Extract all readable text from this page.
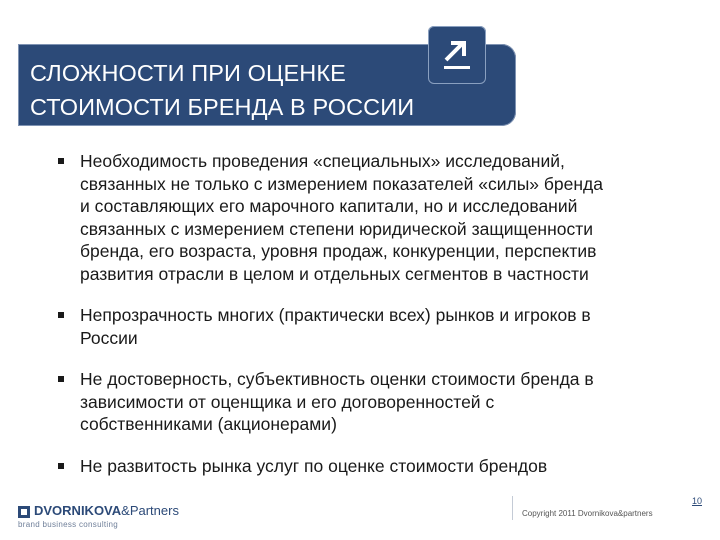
СЛОЖНОСТИ ПРИ ОЦЕНКЕ
СТОИМОСТИ БРЕНДА В РОССИИ
Необходимость проведения «специальных» исследований,
связанных не только с измерением показателей «силы» бренда
и составляющих его марочного капитали, но и исследований
связанных с измерением степени юридической защищенности
бренда, его возраста, уровня продаж, конкуренции, перспектив
развития отрасли в целом и отдельных сегментов в частности
Непрозрачность многих (практически всех) рынков и игроков в
России
Не достоверность, субъективность оценки стоимости бренда в
зависимости от оценщика и его договоренностей с
собственниками (акционерами)
Не развитость рынка услуг по оценке стоимости брендов
DVORNIKOVA&Partners
brand business consulting
Copyright 2011 Dvornikova&partners
10
